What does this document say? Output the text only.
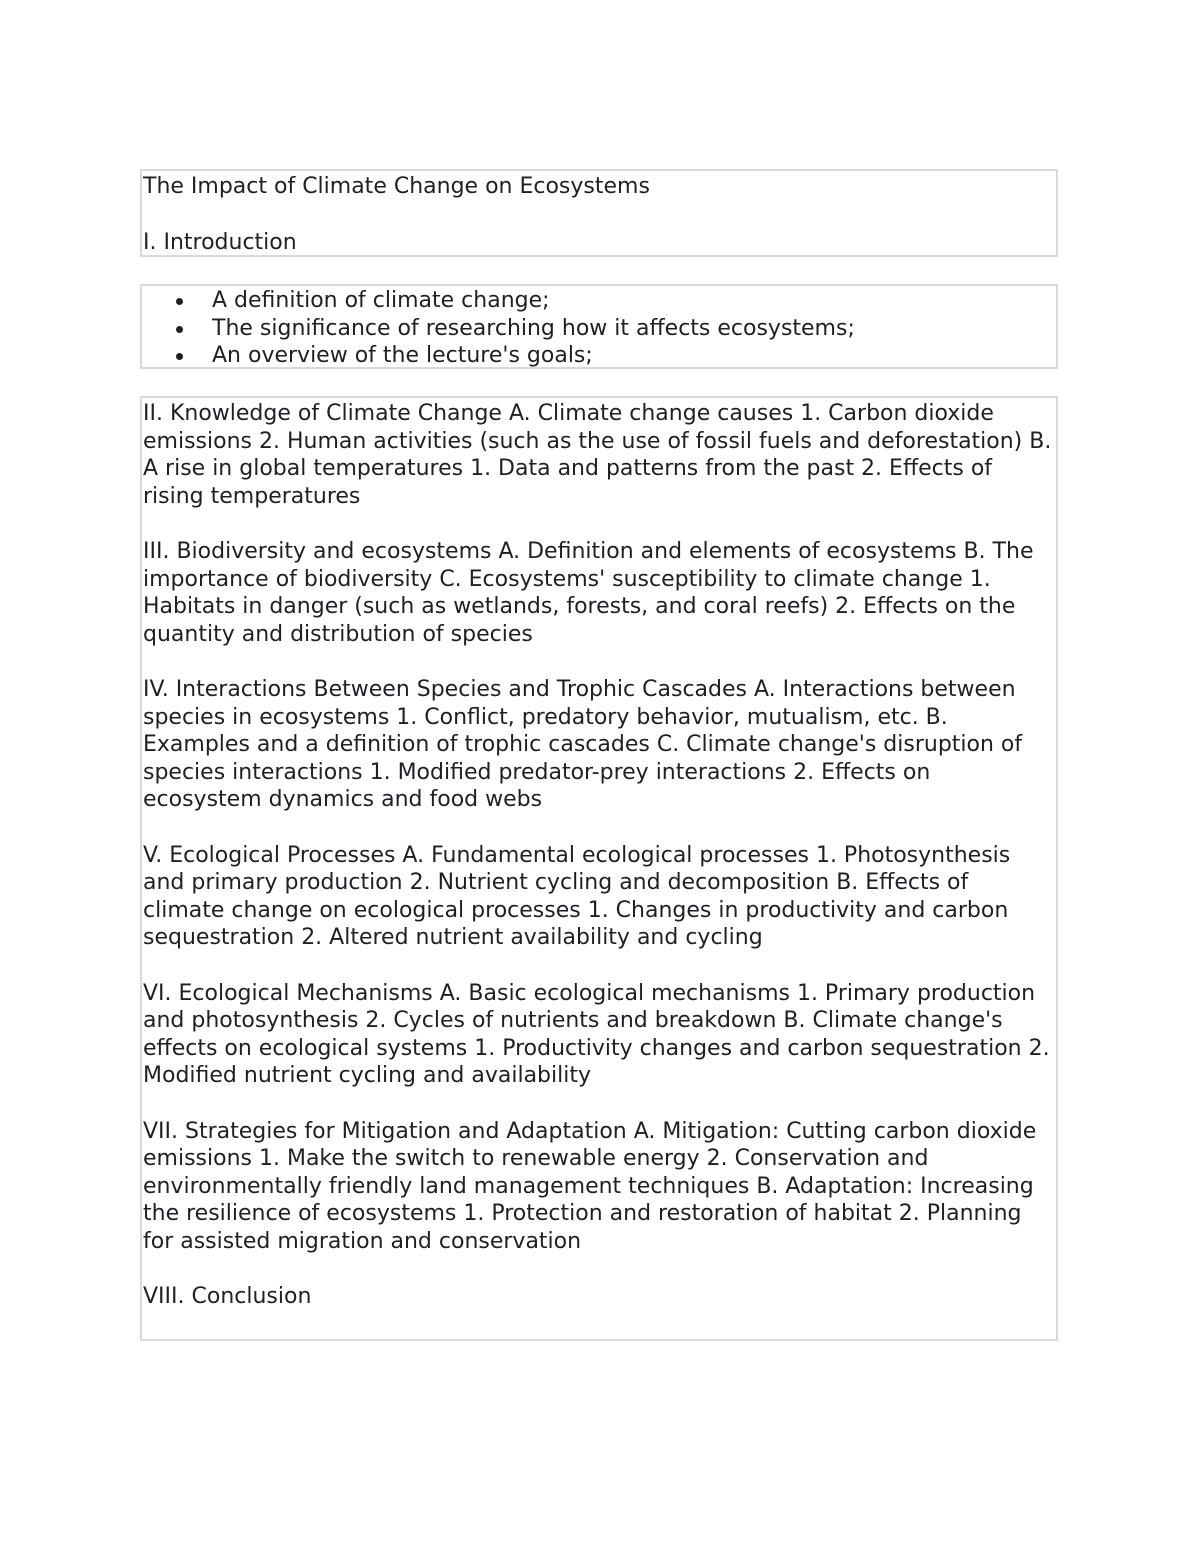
The Impact of Climate Change on Ecosystems

I. Introduction

A definition of climate change;
The significance of researching how it affects ecosystems;
An overview of the lecture's goals;

II. Knowledge of Climate Change A. Climate change causes 1. Carbon dioxide emissions 2. Human activities (such as the use of fossil fuels and deforestation) B. A rise in global temperatures 1. Data and patterns from the past 2. Effects of rising temperatures

III. Biodiversity and ecosystems A. Definition and elements of ecosystems B. The importance of biodiversity C. Ecosystems' susceptibility to climate change 1. Habitats in danger (such as wetlands, forests, and coral reefs) 2. Effects on the quantity and distribution of species

IV. Interactions Between Species and Trophic Cascades A. Interactions between species in ecosystems 1. Conflict, predatory behavior, mutualism, etc. B. Examples and a definition of trophic cascades C. Climate change's disruption of species interactions 1. Modified predator-prey interactions 2. Effects on ecosystem dynamics and food webs

V. Ecological Processes A. Fundamental ecological processes 1. Photosynthesis and primary production 2. Nutrient cycling and decomposition B. Effects of climate change on ecological processes 1. Changes in productivity and carbon sequestration 2. Altered nutrient availability and cycling

VI. Ecological Mechanisms A. Basic ecological mechanisms 1. Primary production and photosynthesis 2. Cycles of nutrients and breakdown B. Climate change's effects on ecological systems 1. Productivity changes and carbon sequestration 2. Modified nutrient cycling and availability

VII. Strategies for Mitigation and Adaptation A. Mitigation: Cutting carbon dioxide emissions 1. Make the switch to renewable energy 2. Conservation and environmentally friendly land management techniques B. Adaptation: Increasing the resilience of ecosystems 1. Protection and restoration of habitat 2. Planning for assisted migration and conservation

VIII. Conclusion
